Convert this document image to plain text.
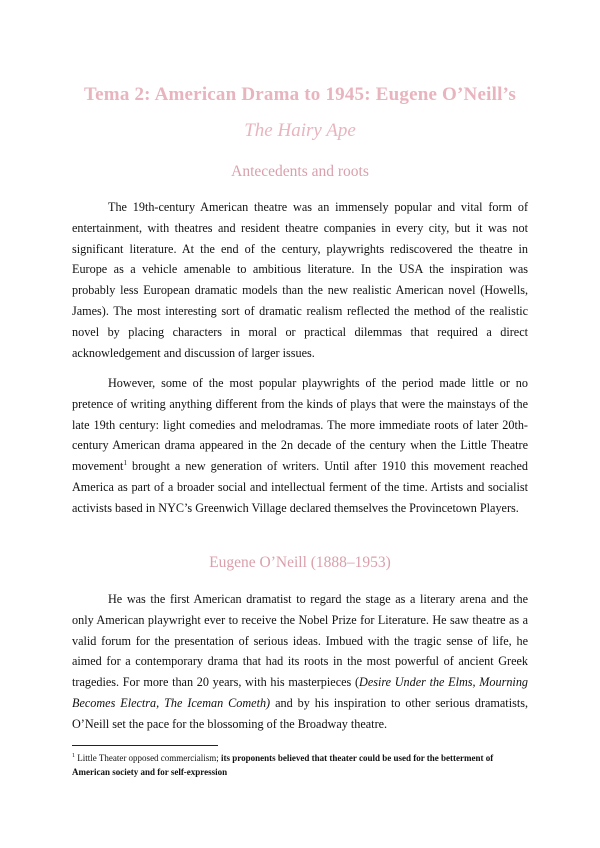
Tema 2: American Drama to 1945: Eugene O’Neill’s
The Hairy Ape
Antecedents and roots

The 19th-century American theatre was an immensely popular and vital form of entertainment, with theatres and resident theatre companies in every city, but it was not significant literature. At the end of the century, playwrights rediscovered the theatre in Europe as a vehicle amenable to ambitious literature. In the USA the inspiration was probably less European dramatic models than the new realistic American novel (Howells, James). The most interesting sort of dramatic realism reflected the method of the realistic novel by placing characters in moral or practical dilemmas that required a direct acknowledgement and discussion of larger issues.

However, some of the most popular playwrights of the period made little or no pretence of writing anything different from the kinds of plays that were the mainstays of the late 19th century: light comedies and melodramas. The more immediate roots of later 20th-century American drama appeared in the 2n decade of the century when the Little Theatre movement$^1$ brought a new generation of writers. Until after 1910 this movement reached America as part of a broader social and intellectual ferment of the time. Artists and socialist activists based in NYC’s Greenwich Village declared themselves the Provincetown Players.

Eugene O’Neill (1888–1953)

He was the first American dramatist to regard the stage as a literary arena and the only American playwright ever to receive the Nobel Prize for Literature. He saw theatre as a valid forum for the presentation of serious ideas. Imbued with the tragic sense of life, he aimed for a contemporary drama that had its roots in the most powerful of ancient Greek tragedies. For more than 20 years, with his masterpieces (Desire Under the Elms, Mourning Becomes Electra, The Iceman Cometh) and by his inspiration to other serious dramatists, O’Neill set the pace for the blossoming of the Broadway theatre.

$^1$ Little Theater opposed commercialism; its proponents believed that theater could be used for the betterment of American society and for self-expression
